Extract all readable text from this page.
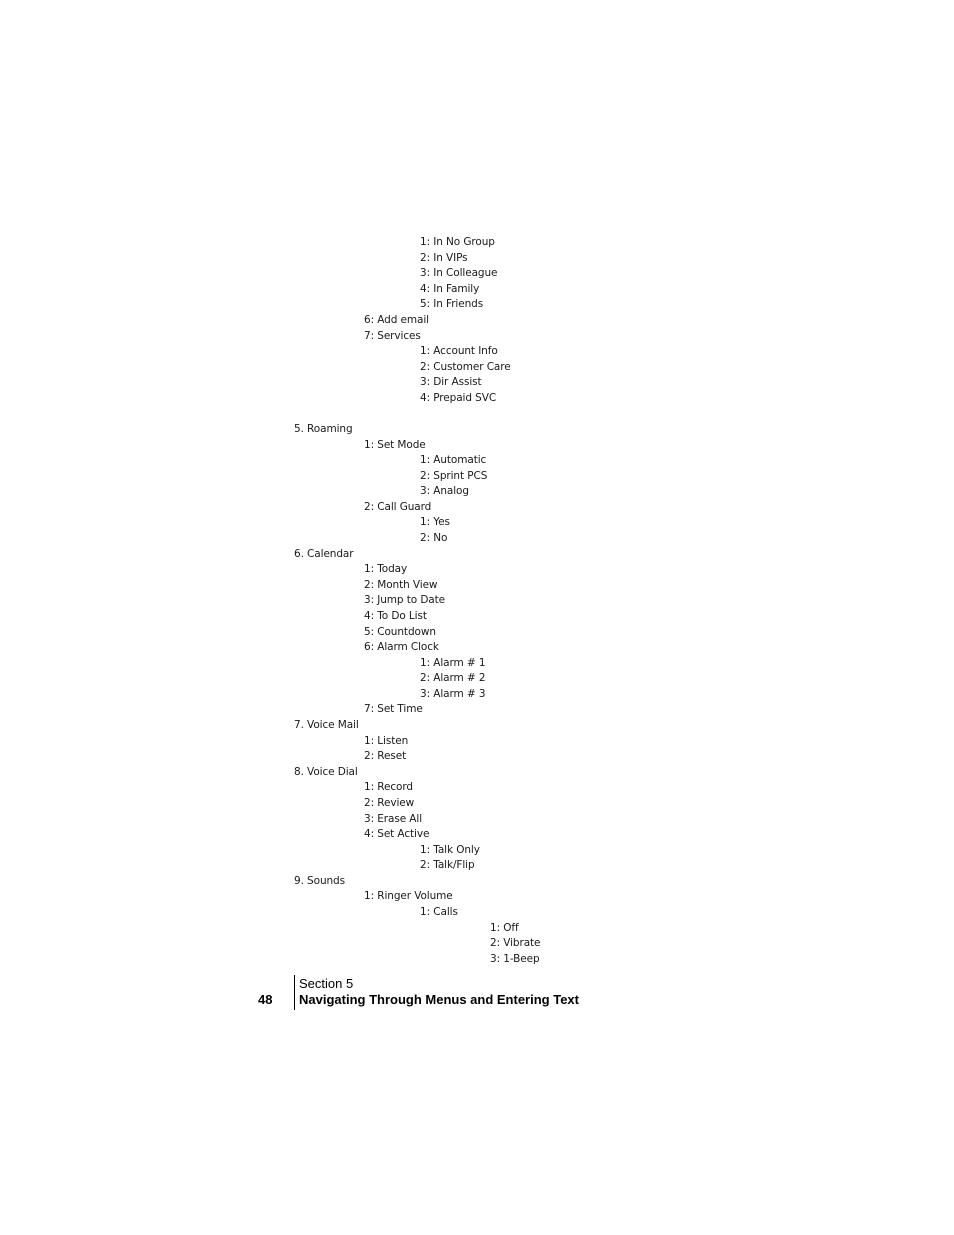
1: In No Group
2: In VIPs
3: In Colleague
4: In Family
5: In Friends
6: Add email
7: Services
1: Account Info
2: Customer Care
3: Dir Assist
4: Prepaid SVC
5. Roaming
1: Set Mode
1: Automatic
2: Sprint PCS
3: Analog
2: Call Guard
1: Yes
2: No
6. Calendar
1: Today
2: Month View
3: Jump to Date
4: To Do List
5: Countdown
6: Alarm Clock
1: Alarm # 1
2: Alarm # 2
3: Alarm # 3
7: Set Time
7. Voice Mail
1: Listen
2: Reset
8. Voice Dial
1: Record
2: Review
3: Erase All
4: Set Active
1: Talk Only
2: Talk/Flip
9. Sounds
1: Ringer Volume
1: Calls
1: Off
2: Vibrate
3: 1-Beep
48
Section 5
Navigating Through Menus and Entering Text
